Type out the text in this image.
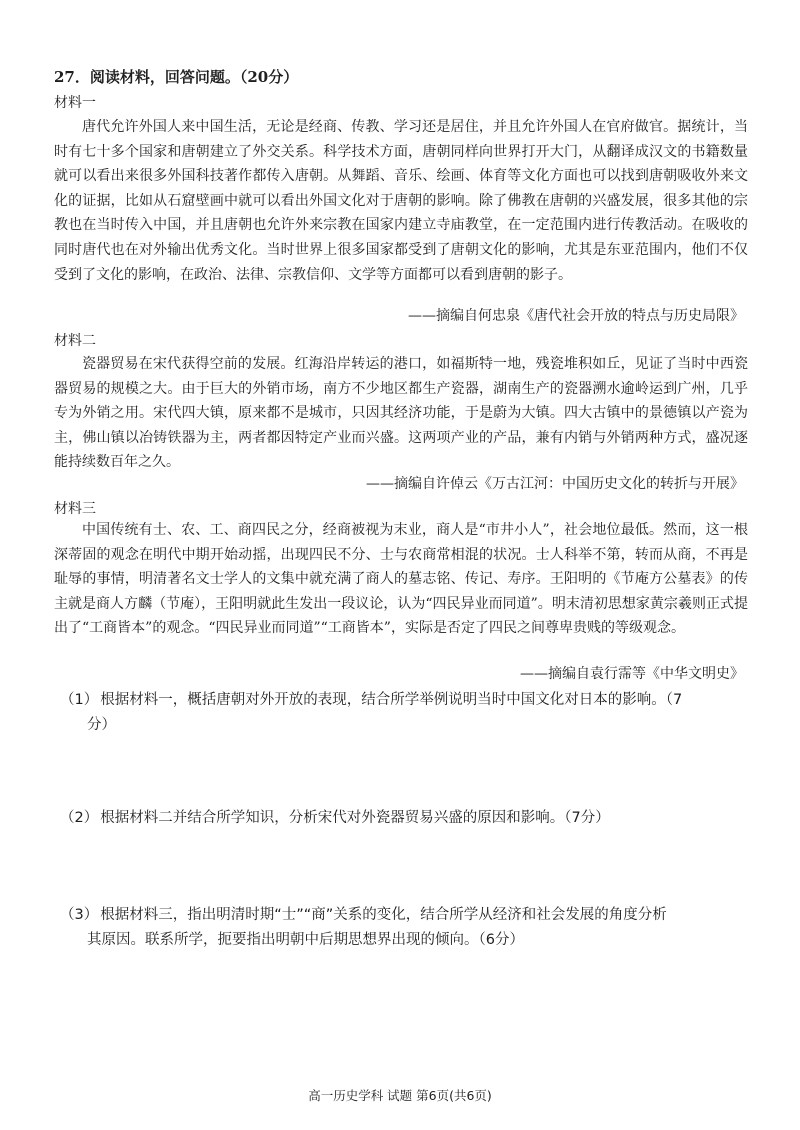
27．阅读材料，回答问题。（20分）
材料一

唐代允许外国人来中国生活，无论是经商、传教、学习还是居住，并且允许外国人在官府做官。据统计，当时有七十多个国家和唐朝建立了外交关系。科学技术方面，唐朝同样向世界打开大门，从翻译成汉文的书籍数量就可以看出来很多外国科技著作都传入唐朝。从舞蹈、音乐、绘画、体育等文化方面也可以找到唐朝吸收外来文化的证据，比如从石窟壁画中就可以看出外国文化对于唐朝的影响。除了佛教在唐朝的兴盛发展，很多其他的宗教也在当时传入中国，并且唐朝也允许外来宗教在国家内建立寺庙教堂，在一定范围内进行传教活动。在吸收的同时唐代也在对外输出优秀文化。当时世界上很多国家都受到了唐朝文化的影响，尤其是东亚范围内，他们不仅受到了文化的影响，在政治、法律、宗教信仰、文学等方面都可以看到唐朝的影子。

——摘编自何忠泉《唐代社会开放的特点与历史局限》
材料二

瓷器贸易在宋代获得空前的发展。红海沿岸转运的港口，如福斯特一地，残瓷堆积如丘，见证了当时中西瓷器贸易的规模之大。由于巨大的外销市场，南方不少地区都生产瓷器，湖南生产的瓷器溯水逾岭运到广州，几乎专为外销之用。宋代四大镇，原来都不是城市，只因其经济功能，于是蔚为大镇。四大古镇中的景德镇以产瓷为主，佛山镇以冶铸铁器为主，两者都因特定产业而兴盛。这两项产业的产品，兼有内销与外销两种方式，盛况逐能持续数百年之久。

——摘编自许倬云《万古江河：中国历史文化的转折与开展》
材料三

中国传统有士、农、工、商四民之分，经商被视为末业，商人是“市井小人”，社会地位最低。然而，这一根深蒂固的观念在明代中期开始动摇，出现四民不分、士与农商常相混的状况。士人科举不第，转而从商，不再是耻辱的事情，明清著名文士学人的文集中就充满了商人的墓志铭、传记、寿序。王阳明的《节庵方公墓表》的传主就是商人方麟（节庵），王阳明就此生发出一段议论，认为“四民异业而同道”。明末清初思想家黄宗羲则正式提出了“工商皆本”的观念。“四民异业而同道”“工商皆本”，实际是否定了四民之间尊卑贵贱的等级观念。

——摘编自袁行霈等《中华文明史》

（1） 根据材料一，概括唐朝对外开放的表现，结合所学举例说明当时中国文化对日本的影响。（7
分）

（2） 根据材料二并结合所学知识，分析宋代对外瓷器贸易兴盛的原因和影响。（7分）

（3） 根据材料三，指出明清时期“士”“商”关系的变化，结合所学从经济和社会发展的角度分析
其原因。联系所学，扼要指出明朝中后期思想界出现的倾向。（6分）

高一历史学科 试题 第6页(共6页)
